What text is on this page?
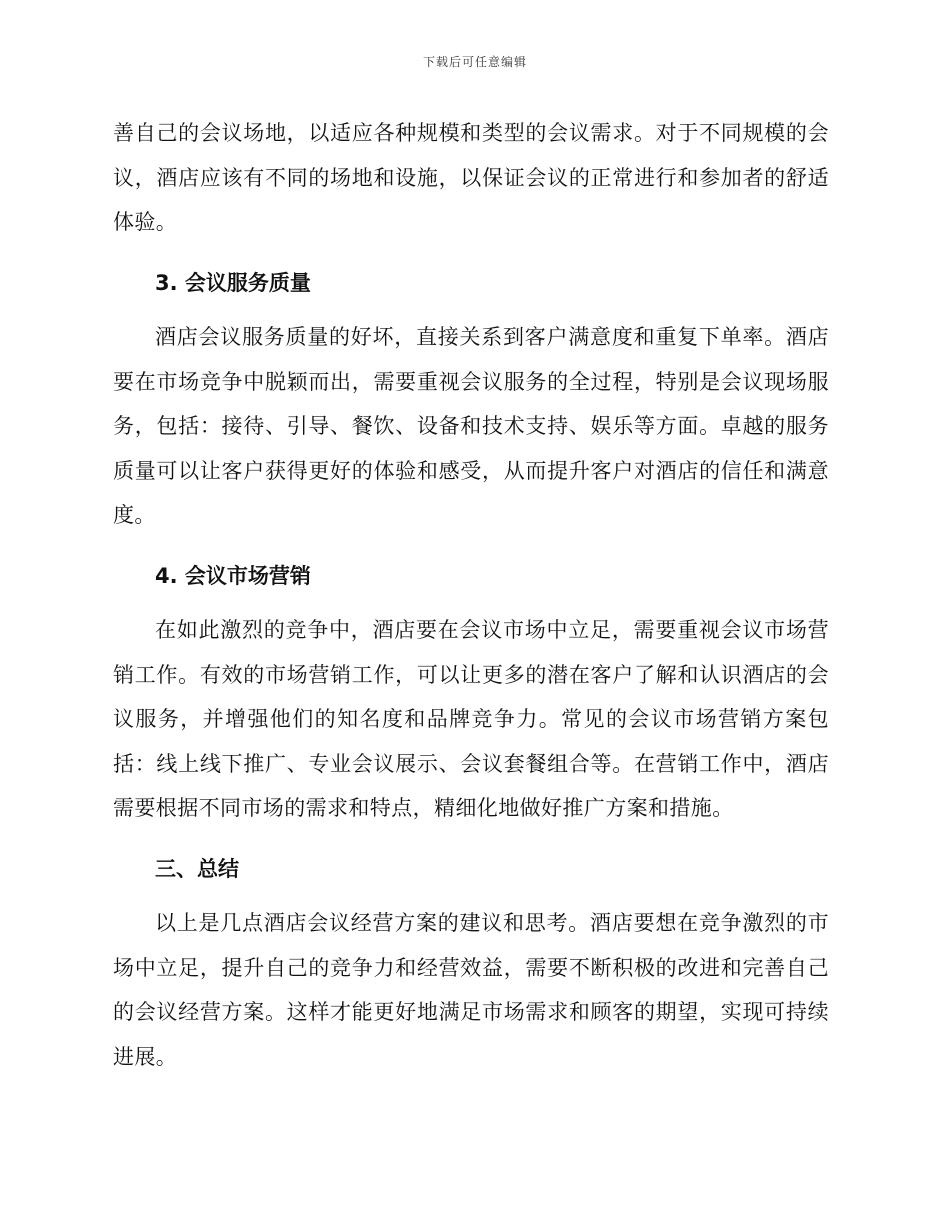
下载后可任意编辑

善自己的会议场地，以适应各种规模和类型的会议需求。对于不同规模的会议，酒店应该有不同的场地和设施，以保证会议的正常进行和参加者的舒适体验。

3. 会议服务质量

酒店会议服务质量的好坏，直接关系到客户满意度和重复下单率。酒店要在市场竞争中脱颖而出，需要重视会议服务的全过程，特别是会议现场服务，包括：接待、引导、餐饮、设备和技术支持、娱乐等方面。卓越的服务质量可以让客户获得更好的体验和感受，从而提升客户对酒店的信任和满意度。

4. 会议市场营销

在如此激烈的竞争中，酒店要在会议市场中立足，需要重视会议市场营销工作。有效的市场营销工作，可以让更多的潜在客户了解和认识酒店的会议服务，并增强他们的知名度和品牌竞争力。常见的会议市场营销方案包括：线上线下推广、专业会议展示、会议套餐组合等。在营销工作中，酒店需要根据不同市场的需求和特点，精细化地做好推广方案和措施。

三、总结

以上是几点酒店会议经营方案的建议和思考。酒店要想在竞争激烈的市场中立足，提升自己的竞争力和经营效益，需要不断积极的改进和完善自己的会议经营方案。这样才能更好地满足市场需求和顾客的期望，实现可持续进展。
